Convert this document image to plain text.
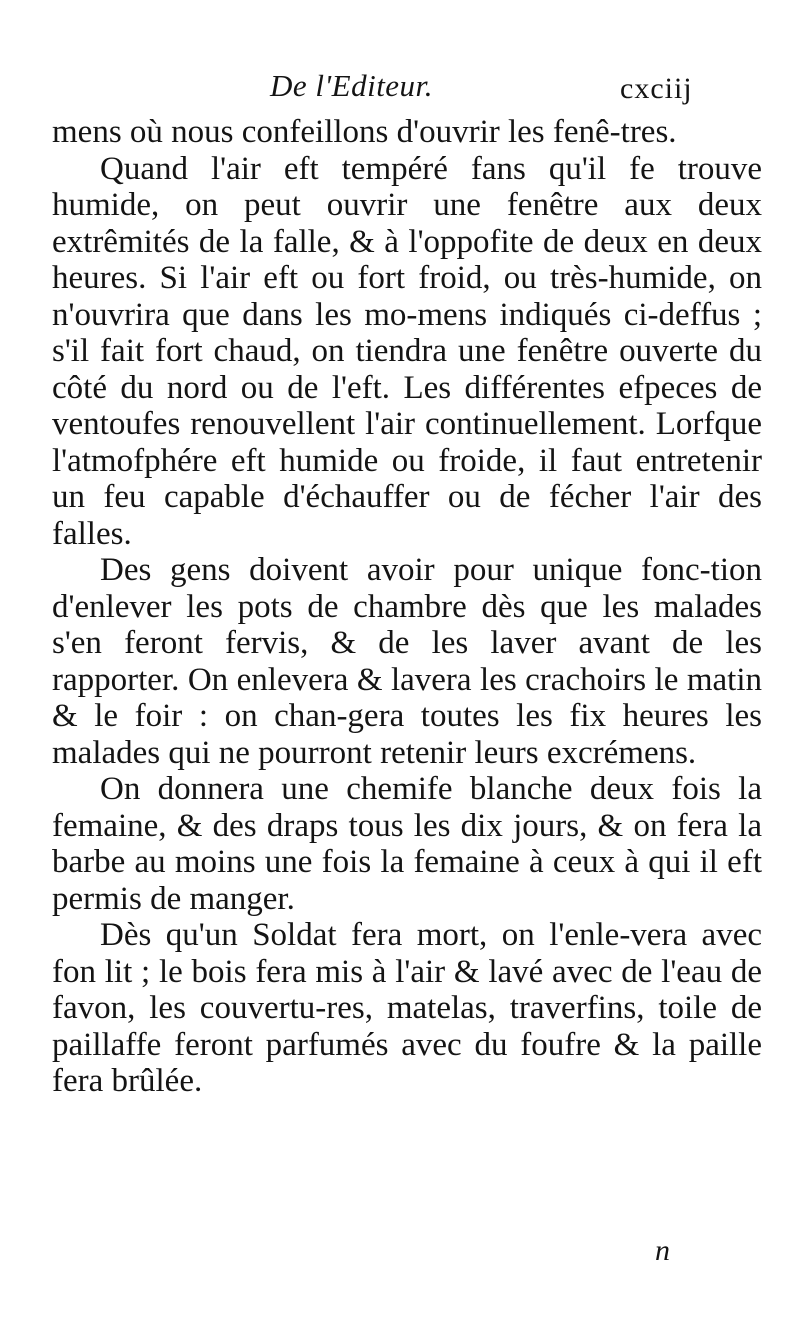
De l'Editeur.	cxciij

mens où nous confeillons d'ouvrir les fenê-tres.

Quand l'air eft tempéré fans qu'il fe trouve humide, on peut ouvrir une fenêtre aux deux extrêmités de la falle, & à l'oppofite de deux en deux heures. Si l'air eft ou fort froid, ou très-humide, on n'ouvrira que dans les mo-mens indiqués ci-deffus ; s'il fait fort chaud, on tiendra une fenêtre ouverte du côté du nord ou de l'eft. Les différentes efpeces de ventoufes renouvellent l'air continuellement. Lorfque l'atmofphére eft humide ou froide, il faut entretenir un feu capable d'échauffer ou de fécher l'air des falles.

Des gens doivent avoir pour unique fonc-tion d'enlever les pots de chambre dès que les malades s'en feront fervis, & de les laver avant de les rapporter. On enlevera & lavera les crachoirs le matin & le foir : on chan-gera toutes les fix heures les malades qui ne pourront retenir leurs excrémens.

On donnera une chemife blanche deux fois la femaine, & des draps tous les dix jours, & on fera la barbe au moins une fois la femaine à ceux à qui il eft permis de manger.

Dès qu'un Soldat fera mort, on l'enle-vera avec fon lit ; le bois fera mis à l'air & lavé avec de l'eau de favon, les couvertu-res, matelas, traverfins, toile de paillaffe feront parfumés avec du foufre & la paille fera brûlée.

n
